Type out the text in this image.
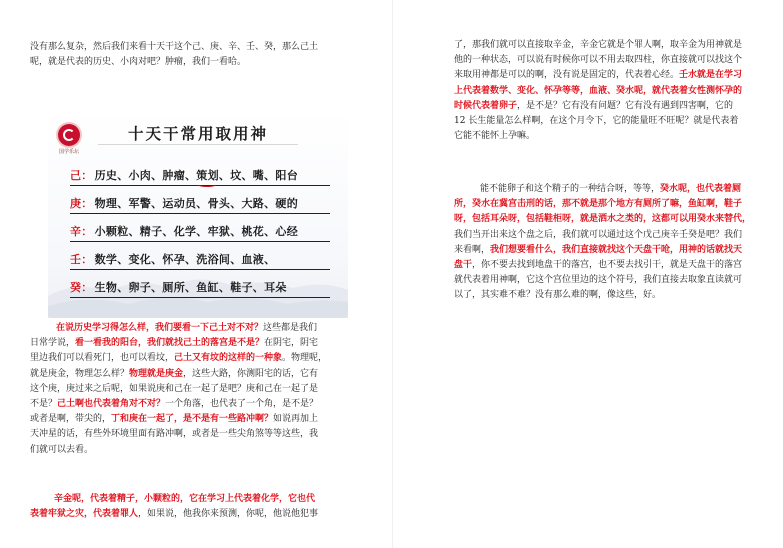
没有那么复杂，然后我们来看十天干这个己、庚、辛、壬、癸，那么己土
呢，就是代表的历史、小肉对吧？肿瘤，我们一看哈。
国学乐坛
十天干常用取用神
己： 历史、小肉、肿瘤、策划、坟、嘴、阳台
庚： 物理、军警、运动员、骨头、大路、硬的
辛： 小颗粒、精子、化学、牢狱、桃花、心经
壬： 数学、变化、怀孕、洗浴间、血液、
癸： 生物、卵子、厕所、鱼缸、鞋子、耳朵
在说历史学习得怎么样，我们要看一下己土对不对？这些都是我们
日常学说，看一看我的阳台，我们就找己土的落宫是不是？在阴宅，阴宅
里边我们可以看死门，也可以看坟，己土又有坟的这样的一种象。物理呢，
就是庚金，物理怎么样？物理就是庚金，这些大路，你测阳宅的话，它有
这个庚，庚过来之后呢，如果说庚和己在一起了是吧？庚和己在一起了是
不是？己土啊也代表着角对不对？一个角落，也代表了一个角，是不是？
或者是啊，带尖的，丁和庚在一起了，是不是有一些路冲啊？如说再加上
天冲星的话，有些外环境里面有路冲啊，或者是一些尖角煞等等这些，我
们就可以去看。
辛金呢，代表着精子，小颗粒的，它在学习上代表着化学，它也代
表着牢狱之灾，代表着罪人，如果说，他我你来预测，你呢，他说他犯事
了，那我们就可以直接取辛金，辛金它就是个罪人啊，取辛金为用神就是
他的一种状态，可以说有时候你可以不用去取四柱，你直接就可以找这个
来取用神都是可以的啊，没有说是固定的，代表着心经。壬水就是在学习
上代表着数学、变化、怀孕等等，血液、癸水呢，就代表着女性测怀孕的
时候代表着卵子，是不是？它有没有问题？它有没有遇到四害啊，它的
12 长生能量怎么样啊，在这个月令下，它的能量旺不旺呢？就是代表着
它能不能怀上孕嘛。
能不能卵子和这个精子的一种结合呀，等等，癸水呢，也代表着厕
所，癸水在冀宫击刑的话，那不就是那个地方有厕所了嘛，鱼缸啊，鞋子
呀，包括耳朵呀，包括鞋柜呀，就是洒水之类的，这都可以用癸水来替代，
我们当开出来这个盘之后，我们就可以通过这个戊己庚辛壬癸是吧？我们
来看啊，我们想要看什么，我们直接就找这个天盘干呛，用神的话就找天
盘干，你不要去找到地盘干的落宫，也不要去找引干，就是天盘干的落宫
就代表着用神啊，它这个宫位里边的这个符号，我们直接去取象直读就可
以了，其实难不难？没有那么难的啊，像这些，好。
